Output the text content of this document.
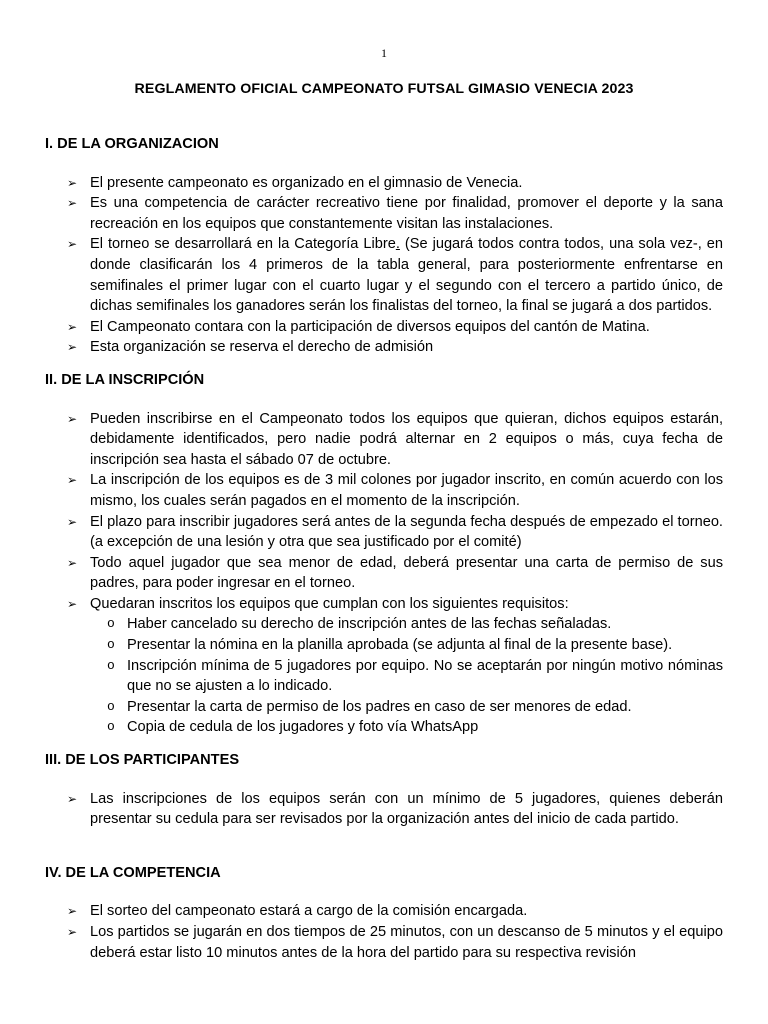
1
REGLAMENTO OFICIAL CAMPEONATO FUTSAL GIMASIO VENECIA 2023

I. DE LA ORGANIZACION

➢ El presente campeonato es organizado en el gimnasio de Venecia.
➢ Es una competencia de carácter recreativo tiene por finalidad, promover el deporte y la sana recreación en los equipos que constantemente visitan las instalaciones.
➢ El torneo se desarrollará en la Categoría Libre. (Se jugará todos contra todos, una sola vez-, en donde clasificarán los 4 primeros de la tabla general, para posteriormente enfrentarse en semifinales el primer lugar con el cuarto lugar y el segundo con el tercero a partido único, de dichas semifinales los ganadores serán los finalistas del torneo, la final se jugará a dos partidos.
➢ El Campeonato contara con la participación de diversos equipos del cantón de Matina.
➢ Esta organización se reserva el derecho de admisión

II. DE LA INSCRIPCIÓN

➢ Pueden inscribirse en el Campeonato todos los equipos que quieran, dichos equipos estarán, debidamente identificados, pero nadie podrá alternar en 2 equipos o más, cuya fecha de inscripción sea hasta el sábado 07 de octubre.
➢ La inscripción de los equipos es de 3 mil colones por jugador inscrito, en común acuerdo con los mismo, los cuales serán pagados en el momento de la inscripción.
➢ El plazo para inscribir jugadores será antes de la segunda fecha después de empezado el torneo. (a excepción de una lesión y otra que sea justificado por el comité)
➢ Todo aquel jugador que sea menor de edad, deberá presentar una carta de permiso de sus padres, para poder ingresar en el torneo.
➢ Quedaran inscritos los equipos que cumplan con los siguientes requisitos:
o Haber cancelado su derecho de inscripción antes de las fechas señaladas.
o Presentar la nómina en la planilla aprobada (se adjunta al final de la presente base).
o Inscripción mínima de 5 jugadores por equipo. No se aceptarán por ningún motivo nóminas que no se ajusten a lo indicado.
o Presentar la carta de permiso de los padres en caso de ser menores de edad.
o Copia de cedula de los jugadores y foto vía WhatsApp

III. DE LOS PARTICIPANTES

➢ Las inscripciones de los equipos serán con un mínimo de 5 jugadores, quienes deberán presentar su cedula para ser revisados por la organización antes del inicio de cada partido.

IV. DE LA COMPETENCIA

➢ El sorteo del campeonato estará a cargo de la comisión encargada.
➢ Los partidos se jugarán en dos tiempos de 25 minutos, con un descanso de 5 minutos y el equipo deberá estar listo 10 minutos antes de la hora del partido para su respectiva revisión
